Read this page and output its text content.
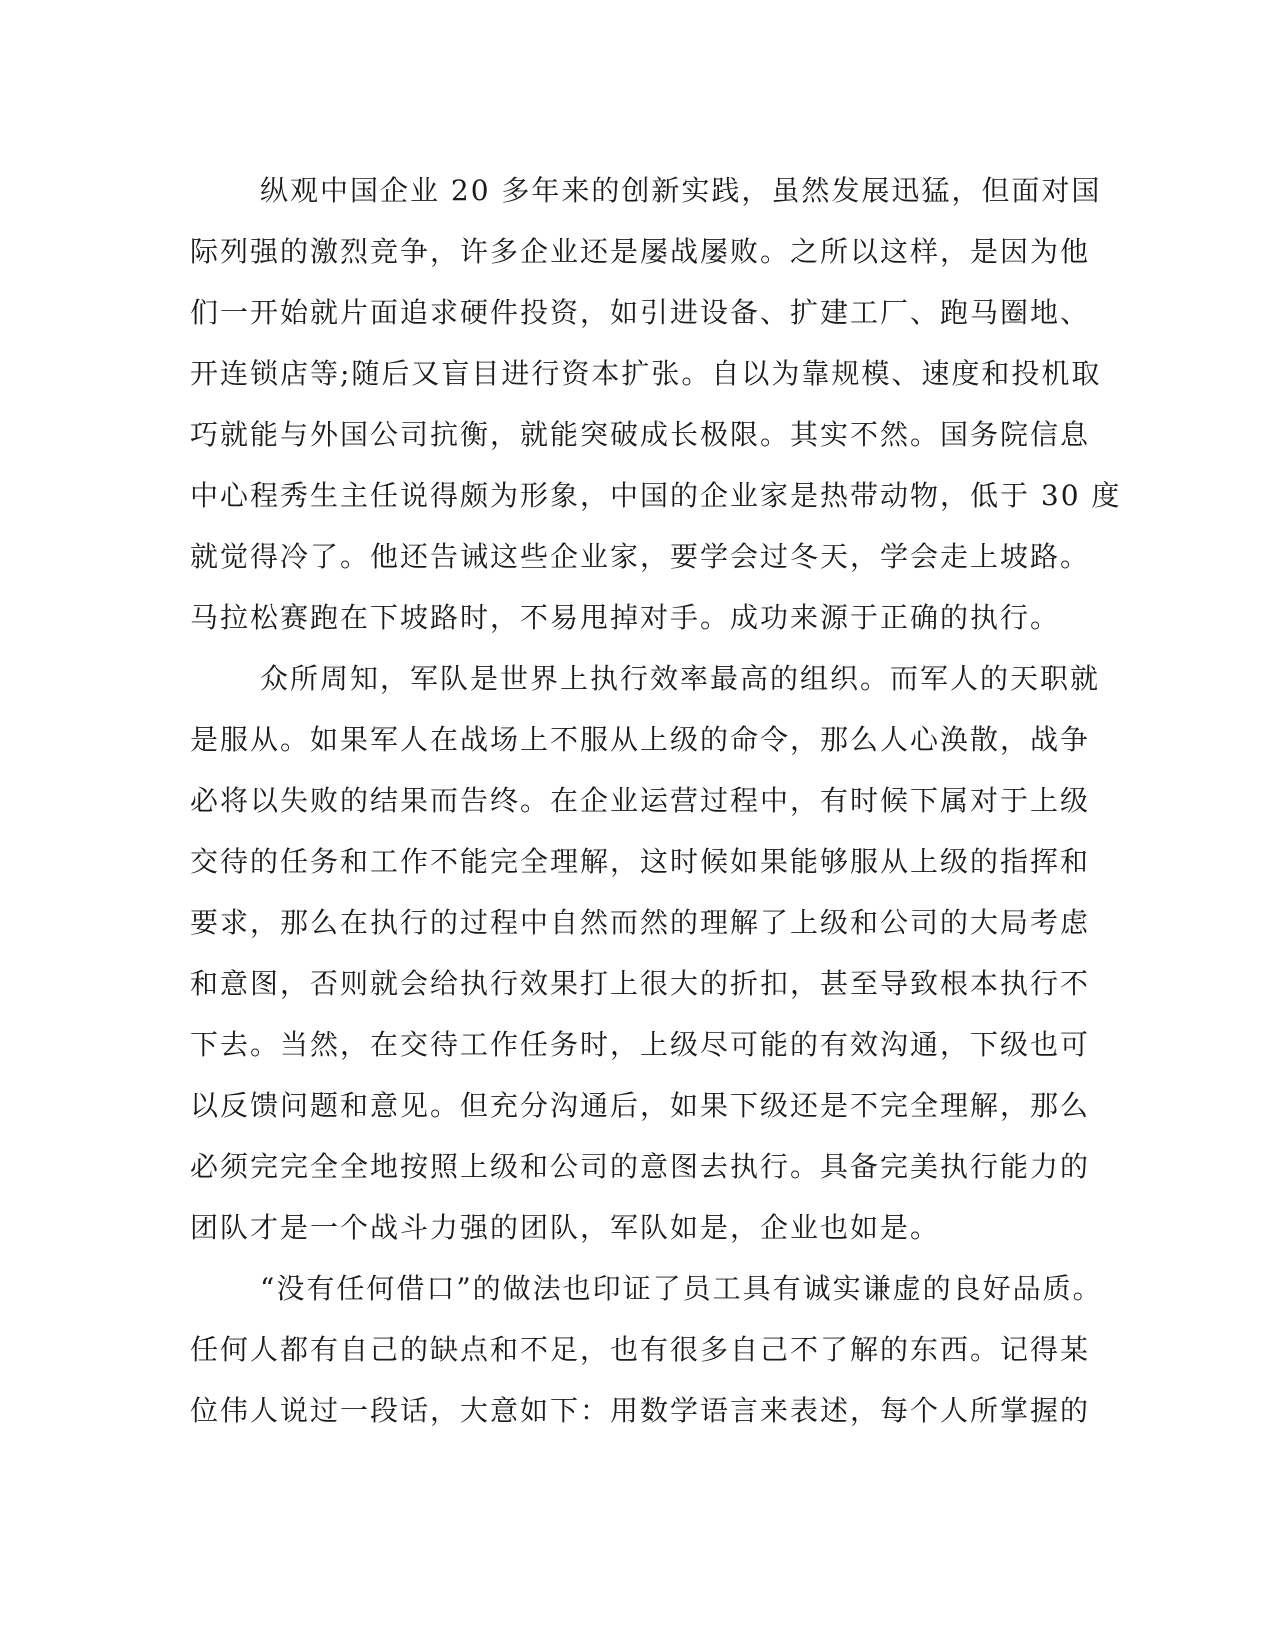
纵观中国企业 20 多年来的创新实践，虽然发展迅猛，但面对国
际列强的激烈竞争，许多企业还是屡战屡败。之所以这样，是因为他
们一开始就片面追求硬件投资，如引进设备、扩建工厂、跑马圈地、
开连锁店等;随后又盲目进行资本扩张。自以为靠规模、速度和投机取
巧就能与外国公司抗衡，就能突破成长极限。其实不然。国务院信息
中心程秀生主任说得颇为形象，中国的企业家是热带动物，低于 30 度
就觉得冷了。他还告诫这些企业家，要学会过冬天，学会走上坡路。
马拉松赛跑在下坡路时，不易甩掉对手。成功来源于正确的执行。
众所周知，军队是世界上执行效率最高的组织。而军人的天职就
是服从。如果军人在战场上不服从上级的命令，那么人心涣散，战争
必将以失败的结果而告终。在企业运营过程中，有时候下属对于上级
交待的任务和工作不能完全理解，这时候如果能够服从上级的指挥和
要求，那么在执行的过程中自然而然的理解了上级和公司的大局考虑
和意图，否则就会给执行效果打上很大的折扣，甚至导致根本执行不
下去。当然，在交待工作任务时，上级尽可能的有效沟通，下级也可
以反馈问题和意见。但充分沟通后，如果下级还是不完全理解，那么
必须完完全全地按照上级和公司的意图去执行。具备完美执行能力的
团队才是一个战斗力强的团队，军队如是，企业也如是。
“没有任何借口”的做法也印证了员工具有诚实谦虚的良好品质。
任何人都有自己的缺点和不足，也有很多自己不了解的东西。记得某
位伟人说过一段话，大意如下：用数学语言来表述，每个人所掌握的
